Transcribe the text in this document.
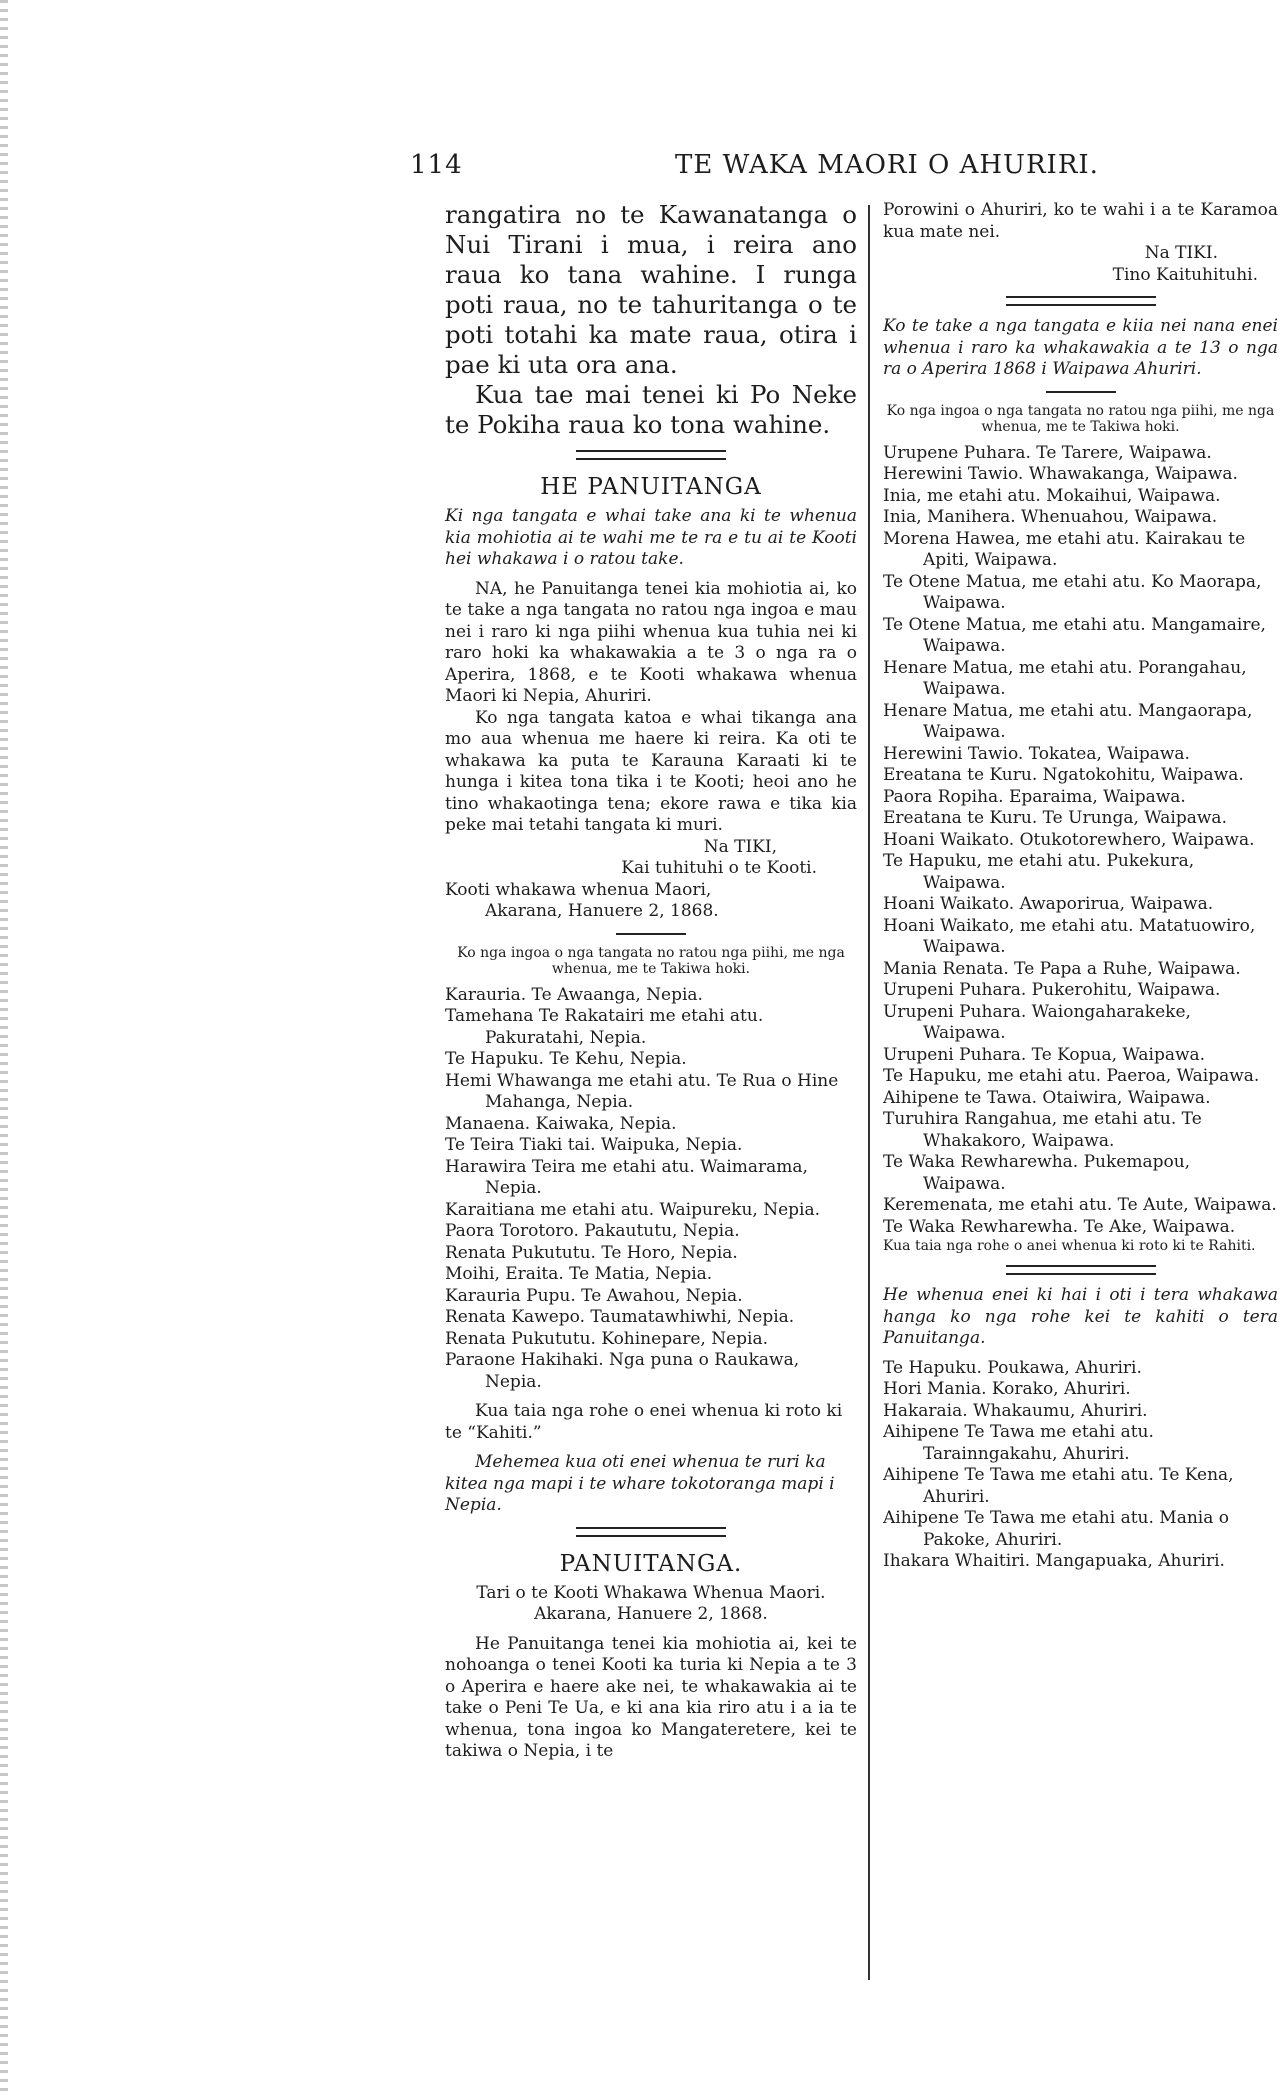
114	TE WAKA MAORI O AHURIRI.

rangatira no te Kawanatanga o Nui Tirani i mua, i reira ano raua ko tana wahine. I runga poti raua, no te tahuritanga o te poti totahi ka mate raua, otira i pae ki uta ora ana.

Kua tae mai tenei ki Po Neke te Pokiha raua ko tona wahine.

HE PANUITANGA

Ki nga tangata e whai take ana ki te whenua kia mohiotia ai te wahi me te ra e tu ai te Kooti hei whakawa i o ratou take.

NA, he Panuitanga tenei kia mohiotia ai, ko te take a nga tangata no ratou nga ingoa e mau nei i raro ki nga piihi whenua kua tuhia nei ki raro hoki ka whakawakia a te 3 o nga ra o Aperira, 1868, e te Kooti whakawa whenua Maori ki Nepia, Ahuriri.

Ko nga tangata katoa e whai tikanga ana mo aua whenua me haere ki reira. Ka oti te whakawa ka puta te Karauna Karaati ki te hunga i kitea tona tika i te Kooti; heoi ano he tino whakaotinga tena; ekore rawa e tika kia peke mai tetahi tangata ki muri.

Na TIKI,

Kai tuhituhi o te Kooti.

Kooti whakawa whenua Maori,

Akarana, Hanuere 2, 1868.

Ko nga ingoa o nga tangata no ratou nga piihi, me nga whenua, me te Takiwa hoki.

Karauria. Te Awaanga, Nepia.

Tamehana Te Rakatairi me etahi atu. Pakuratahi, Nepia.

Te Hapuku. Te Kehu, Nepia.

Hemi Whawanga me etahi atu. Te Rua o Hine Mahanga, Nepia.

Manaena. Kaiwaka, Nepia.

Te Teira Tiaki tai. Waipuka, Nepia.

Harawira Teira me etahi atu. Waimarama, Nepia.

Karaitiana me etahi atu. Waipureku, Nepia.

Paora Torotoro. Pakaututu, Nepia.

Renata Pukututu. Te Horo, Nepia.

Moihi, Eraita. Te Matia, Nepia.

Karauria Pupu. Te Awahou, Nepia.

Renata Kawepo. Taumatawhiwhi, Nepia.

Renata Pukututu. Kohinepare, Nepia.

Paraone Hakihaki. Nga puna o Raukawa, Nepia.

Kua taia nga rohe o enei whenua ki roto ki te “Kahiti.”

Mehemea kua oti enei whenua te ruri ka kitea nga mapi i te whare tokotoranga mapi i Nepia.

PANUITANGA.

Tari o te Kooti Whakawa Whenua Maori.

Akarana, Hanuere 2, 1868.

He Panuitanga tenei kia mohiotia ai, kei te nohoanga o tenei Kooti ka turia ki Nepia a te 3 o Aperira e haere ake nei, te whakawakia ai te take o Peni Te Ua, e ki ana kia riro atu i a ia te whenua, tona ingoa ko Mangateretere, kei te takiwa o Nepia, i te

Porowini o Ahuriri, ko te wahi i a te Karamoa kua mate nei.

Na TIKI.

Tino Kaituhituhi.

Ko te take a nga tangata e kiia nei nana enei whenua i raro ka whakawakia a te 13 o nga ra o Aperira 1868 i Waipawa Ahuriri.

Ko nga ingoa o nga tangata no ratou nga piihi, me nga whenua, me te Takiwa hoki.

Urupene Puhara. Te Tarere, Waipawa.

Herewini Tawio. Whawakanga, Waipawa.

Inia, me etahi atu. Mokaihui, Waipawa.

Inia, Manihera. Whenuahou, Waipawa.

Morena Hawea, me etahi atu. Kairakau te Apiti, Waipawa.

Te Otene Matua, me etahi atu. Ko Maorapa, Waipawa.

Te Otene Matua, me etahi atu. Mangamaire, Waipawa.

Henare Matua, me etahi atu. Porangahau, Waipawa.

Henare Matua, me etahi atu. Mangaorapa, Waipawa.

Herewini Tawio. Tokatea, Waipawa.

Ereatana te Kuru. Ngatokohitu, Waipawa.

Paora Ropiha. Eparaima, Waipawa.

Ereatana te Kuru. Te Urunga, Waipawa.

Hoani Waikato. Otukotorewhero, Waipawa.

Te Hapuku, me etahi atu. Pukekura, Waipawa.

Hoani Waikato. Awaporirua, Waipawa.

Hoani Waikato, me etahi atu. Matatuowiro, Waipawa.

Mania Renata. Te Papa a Ruhe, Waipawa.

Urupeni Puhara. Pukerohitu, Waipawa.

Urupeni Puhara. Waiongaharakeke, Waipawa.

Urupeni Puhara. Te Kopua, Waipawa.

Te Hapuku, me etahi atu. Paeroa, Waipawa.

Aihipene te Tawa. Otaiwira, Waipawa.

Turuhira Rangahua, me etahi atu. Te Whakakoro, Waipawa.

Te Waka Rewharewha. Pukemapou, Waipawa.

Keremenata, me etahi atu. Te Aute, Waipawa.

Te Waka Rewharewha. Te Ake, Waipawa.

Kua taia nga rohe o anei whenua ki roto ki te Rahiti.

He whenua enei ki hai i oti i tera whakawa hanga ko nga rohe kei te kahiti o tera Panuitanga.

Te Hapuku. Poukawa, Ahuriri.

Hori Mania. Korako, Ahuriri.

Hakaraia. Whakaumu, Ahuriri.

Aihipene Te Tawa me etahi atu. Tarainngakahu, Ahuriri.

Aihipene Te Tawa me etahi atu. Te Kena, Ahuriri.

Aihipene Te Tawa me etahi atu. Mania o Pakoke, Ahuriri.

Ihakara Whaitiri. Mangapuaka, Ahuriri.
